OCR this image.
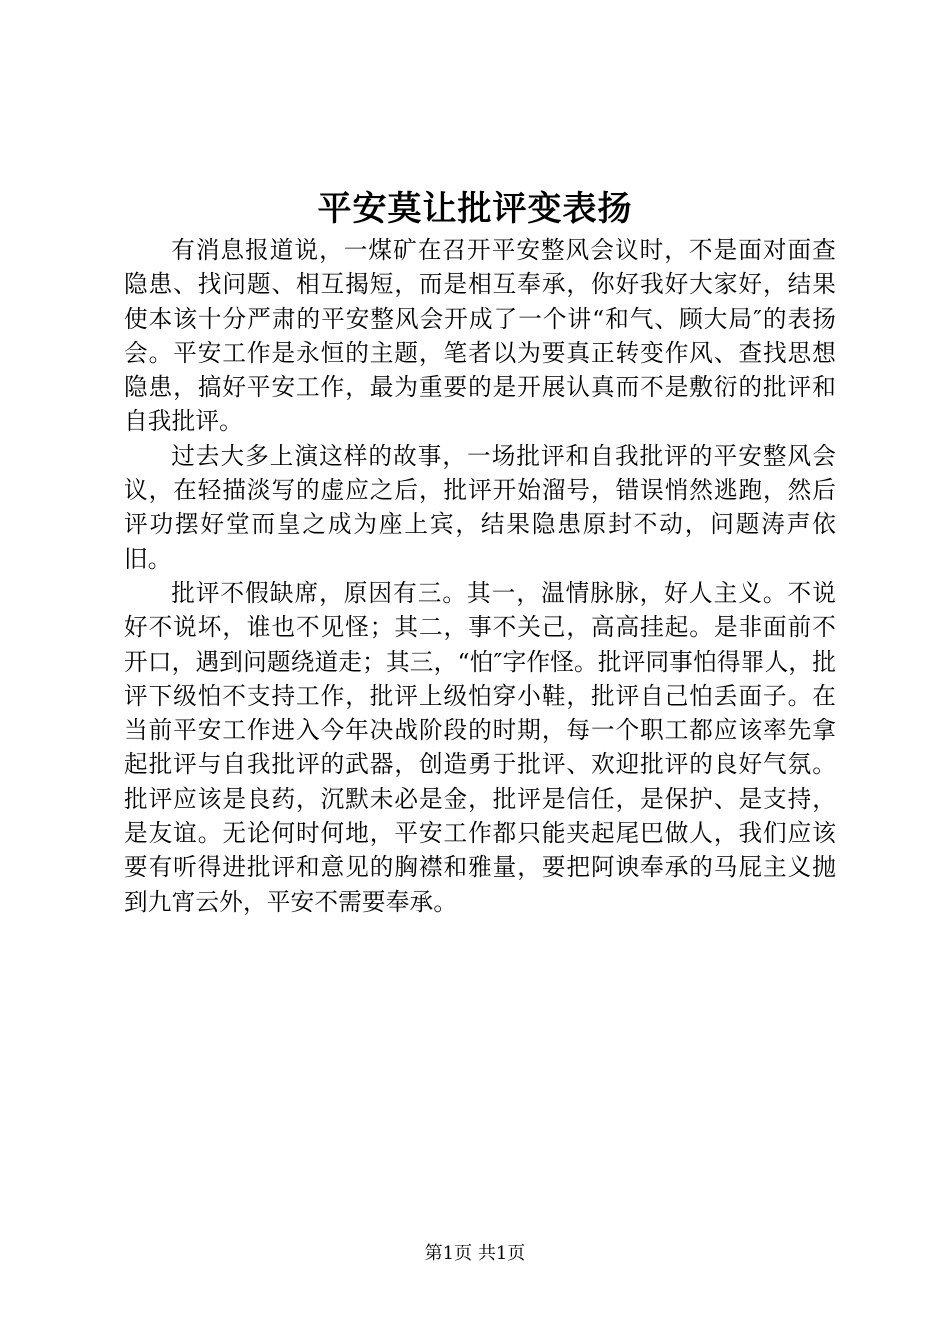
平安莫让批评变表扬

有消息报道说，一煤矿在召开平安整风会议时，不是面对面查隐患、找问题、相互揭短，而是相互奉承，你好我好大家好，结果使本该十分严肃的平安整风会开成了一个讲“和气、顾大局″的表扬会。平安工作是永恒的主题，笔者以为要真正转变作风、查找思想隐患，搞好平安工作，最为重要的是开展认真而不是敷衍的批评和自我批评。

过去大多上演这样的故事，一场批评和自我批评的平安整风会议，在轻描淡写的虚应之后，批评开始溜号，错误悄然逃跑，然后评功摆好堂而皇之成为座上宾，结果隐患原封不动，问题涛声依旧。

批评不假缺席，原因有三。其一，温情脉脉，好人主义。不说好不说坏，谁也不见怪；其二，事不关己，高高挂起。是非面前不开口，遇到问题绕道走；其三，“怕″字作怪。批评同事怕得罪人，批评下级怕不支持工作，批评上级怕穿小鞋，批评自己怕丢面子。在当前平安工作进入今年决战阶段的时期，每一个职工都应该率先拿起批评与自我批评的武器，创造勇于批评、欢迎批评的良好气氛。批评应该是良药，沉默未必是金，批评是信任，是保护、是支持，是友谊。无论何时何地，平安工作都只能夹起尾巴做人，我们应该要有听得进批评和意见的胸襟和雅量，要把阿谀奉承的马屁主义抛到九宵云外，平安不需要奉承。

第1页 共1页
